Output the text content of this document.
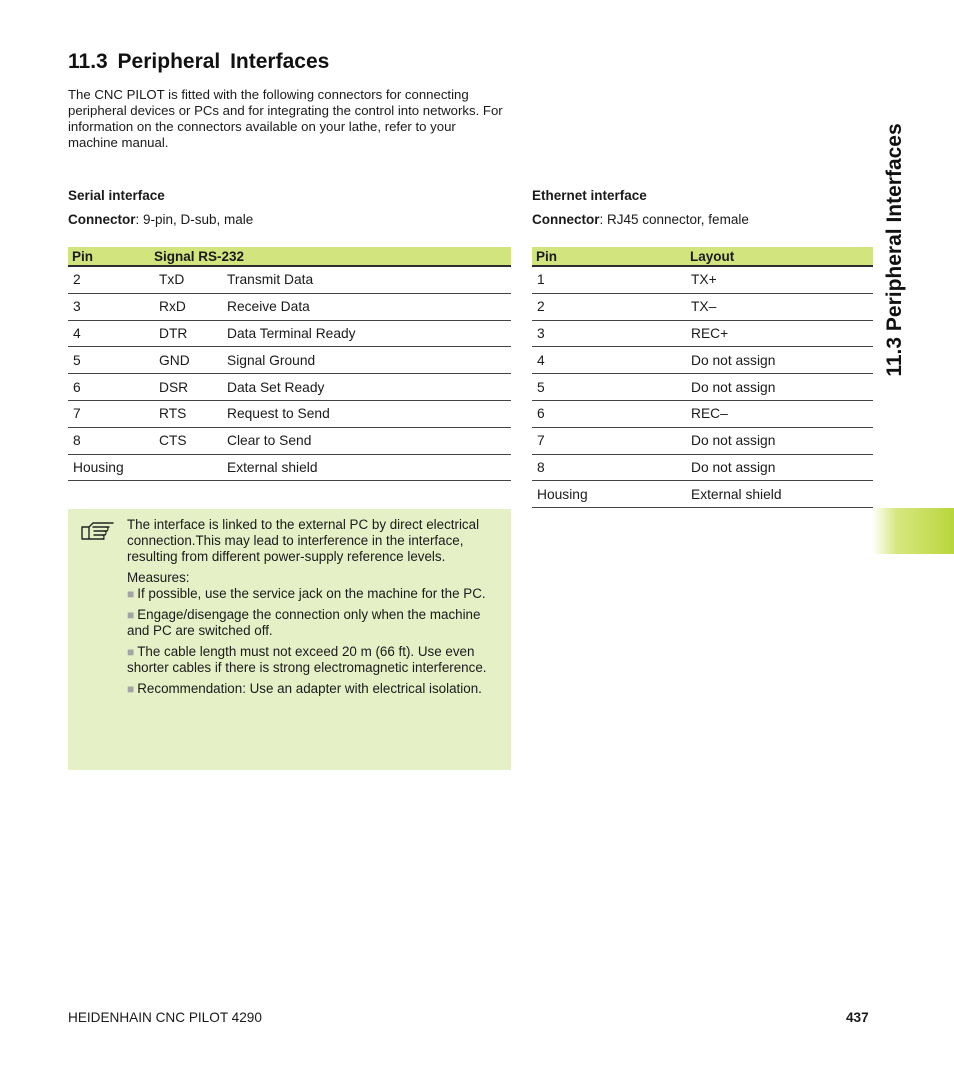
11.3 Peripheral Interfaces

The CNC PILOT is fitted with the following connectors for connecting peripheral devices or PCs and for integrating the control into networks. For information on the connectors available on your lathe, refer to your machine manual.

Serial interface
Connector: 9-pin, D-sub, male
Pin	Signal RS-232	
2	TxD	Transmit Data
3	RxD	Receive Data
4	DTR	Data Terminal Ready
5	GND	Signal Ground
6	DSR	Data Set Ready
7	RTS	Request to Send
8	CTS	Clear to Send
Housing		External shield
Ethernet interface
Connector: RJ45 connector, female
Pin	Layout
1	TX+
2	TX–
3	REC+
4	Do not assign
5	Do not assign
6	REC–
7	Do not assign
8	Do not assign
Housing	External shield

The interface is linked to the external PC by direct electrical connection.This may lead to interference in the interface, resulting from different power-supply reference levels.

Measures:

■ If possible, use the service jack on the machine for the PC.

■ Engage/disengage the connection only when the machine and PC are switched off.

■ The cable length must not exceed 20 m (66 ft). Use even shorter cables if there is strong electromagnetic interference.

■ Recommendation: Use an adapter with electrical isolation.

11.3 Peripheral Interfaces
HEIDENHAIN CNC PILOT 4290	437
